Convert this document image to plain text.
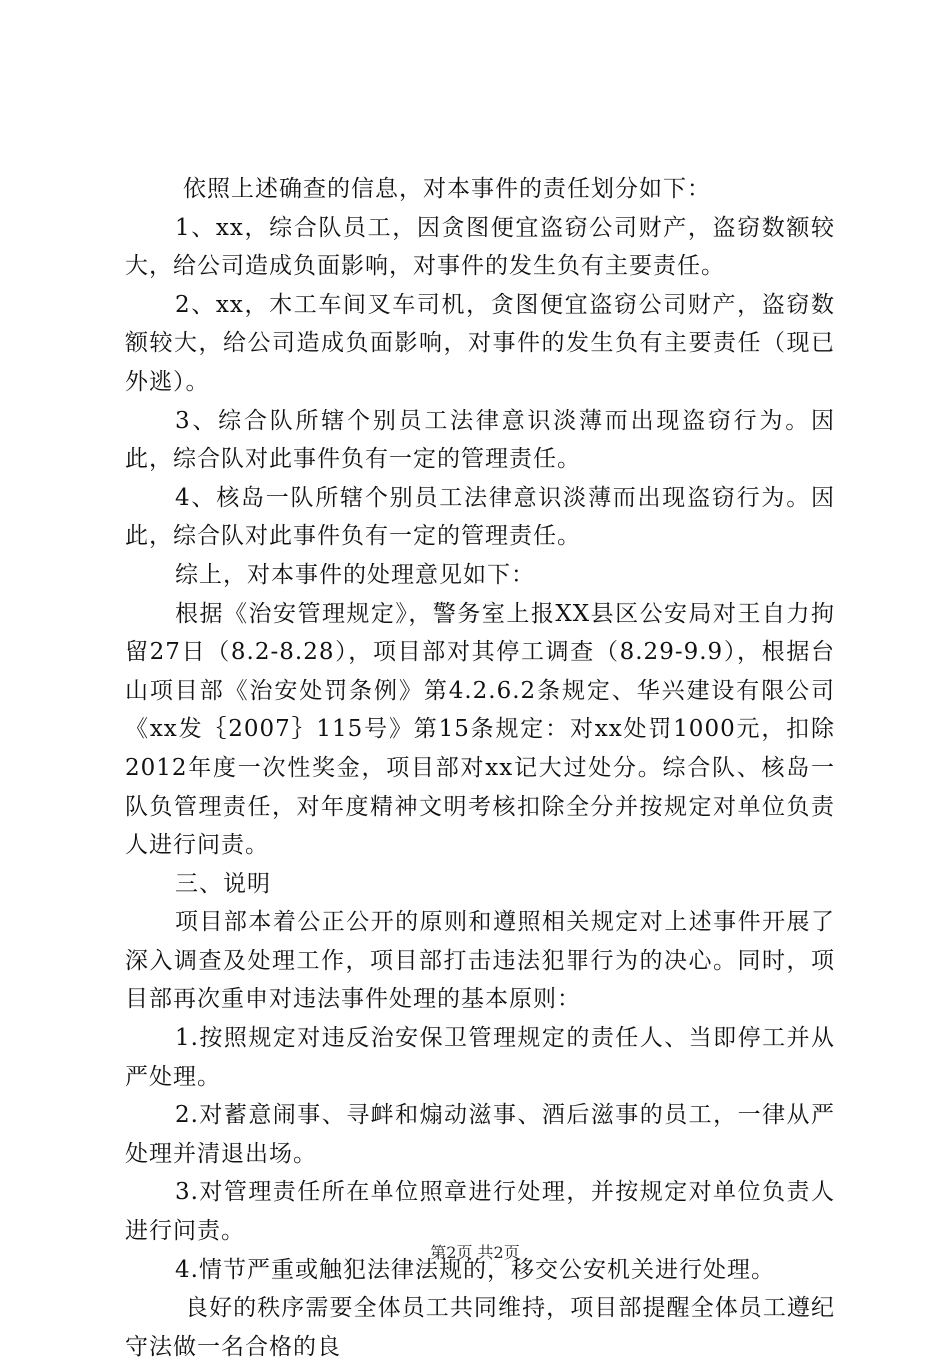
依照上述确查的信息，对本事件的责任划分如下：

1、xx，综合队员工，因贪图便宜盗窃公司财产，盗窃数额较大，给公司造成负面影响，对事件的发生负有主要责任。

2、xx，木工车间叉车司机，贪图便宜盗窃公司财产，盗窃数额较大，给公司造成负面影响，对事件的发生负有主要责任（现已外逃）。

3、综合队所辖个别员工法律意识淡薄而出现盗窃行为。因此，综合队对此事件负有一定的管理责任。

4、核岛一队所辖个别员工法律意识淡薄而出现盗窃行为。因此，综合队对此事件负有一定的管理责任。

综上，对本事件的处理意见如下：

根据《治安管理规定》，警务室上报XX县区公安局对王自力拘留27日（8.2-8.28），项目部对其停工调查（8.29-9.9），根据台山项目部《治安处罚条例》第4.2.6.2条规定、华兴建设有限公司《xx发｛2007｝115号》第15条规定：对xx处罚1000元，扣除2012年度一次性奖金，项目部对xx记大过处分。综合队、核岛一队负管理责任，对年度精神文明考核扣除全分并按规定对单位负责人进行问责。

三、说明

项目部本着公正公开的原则和遵照相关规定对上述事件开展了深入调查及处理工作，项目部打击违法犯罪行为的决心。同时，项目部再次重申对违法事件处理的基本原则：

1.按照规定对违反治安保卫管理规定的责任人、当即停工并从严处理。

2.对蓄意闹事、寻衅和煽动滋事、酒后滋事的员工，一律从严处理并清退出场。

3.对管理责任所在单位照章进行处理，并按规定对单位负责人进行问责。

4.情节严重或触犯法律法规的，移交公安机关进行处理。

良好的秩序需要全体员工共同维持，项目部提醒全体员工遵纪守法做一名合格的良

第2页 共2页
